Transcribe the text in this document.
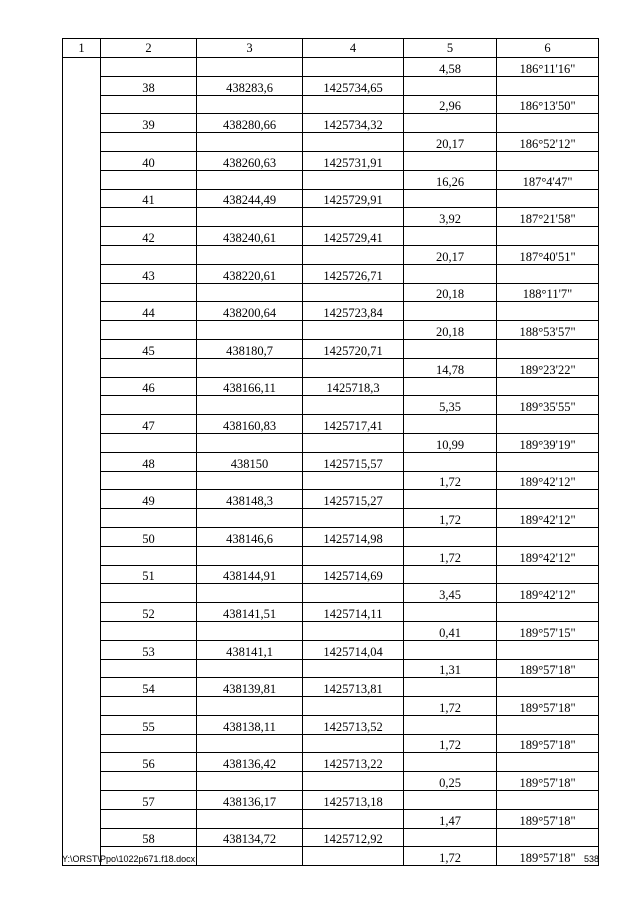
1	2	3	4	5	6
				4,58	186°11'16"
	38	438283,6	1425734,65		
				2,96	186°13'50"
	39	438280,66	1425734,32		
				20,17	186°52'12"
	40	438260,63	1425731,91		
				16,26	187°4'47"
	41	438244,49	1425729,91		
				3,92	187°21'58"
	42	438240,61	1425729,41		
				20,17	187°40'51"
	43	438220,61	1425726,71		
				20,18	188°11'7"
	44	438200,64	1425723,84		
				20,18	188°53'57"
	45	438180,7	1425720,71		
				14,78	189°23'22"
	46	438166,11	1425718,3		
				5,35	189°35'55"
	47	438160,83	1425717,41		
				10,99	189°39'19"
	48	438150	1425715,57		
				1,72	189°42'12"
	49	438148,3	1425715,27		
				1,72	189°42'12"
	50	438146,6	1425714,98		
				1,72	189°42'12"
	51	438144,91	1425714,69		
				3,45	189°42'12"
	52	438141,51	1425714,11		
				0,41	189°57'15"
	53	438141,1	1425714,04		
				1,31	189°57'18"
	54	438139,81	1425713,81		
				1,72	189°57'18"
	55	438138,11	1425713,52		
				1,72	189°57'18"
	56	438136,42	1425713,22		
				0,25	189°57'18"
	57	438136,17	1425713,18		
				1,47	189°57'18"
	58	438134,72	1425712,92		
				1,72	189°57'18"
Y:\ORST\Ppo\1022p671.f18.docx	538
